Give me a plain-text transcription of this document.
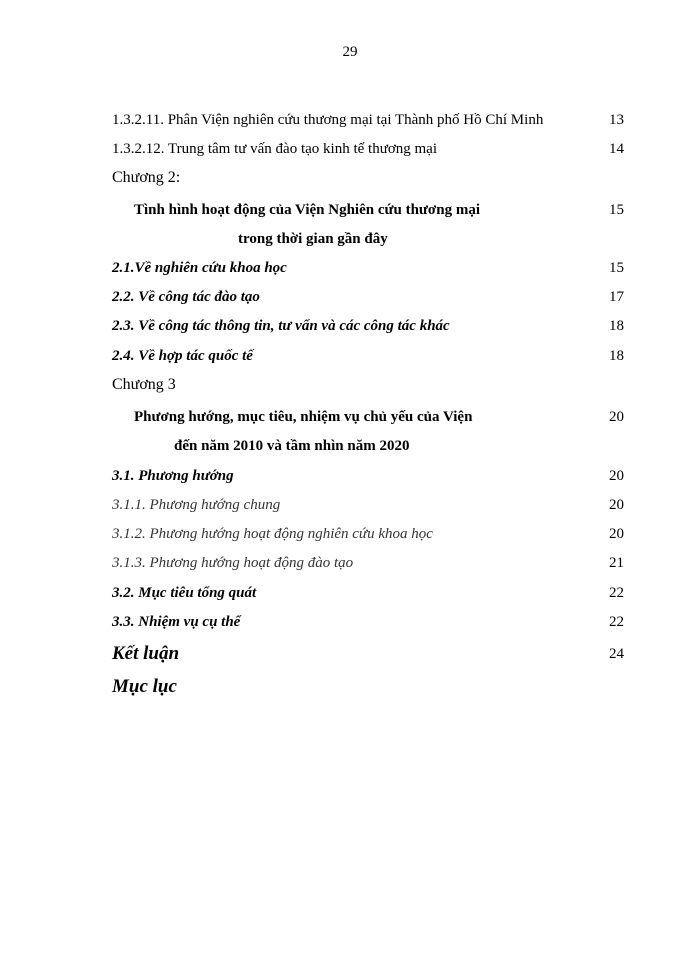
29
1.3.2.11. Phân Viện nghiên cứu thương mại tại Thành phố Hồ Chí Minh	13
1.3.2.12. Trung tâm tư vấn đào tạo kinh tế thương mại	14
Chương 2:
Tình hình hoạt động của Viện Nghiên cứu thương mại	15
trong thời gian gần đây
2.1.Về nghiên cứu khoa học	15
2.2. Về công tác đào tạo	17
2.3. Về công tác thông tin, tư vấn và các công tác khác	18
2.4. Về hợp tác quốc tế	18
Chương 3
Phương hướng, mục tiêu, nhiệm vụ chủ yếu của Viện	20
đến năm 2010 và tầm nhìn năm 2020
3.1. Phương hướng	20
3.1.1. Phương hướng chung	20
3.1.2. Phương hướng hoạt động nghiên cứu khoa học	20
3.1.3. Phương hướng hoạt động đào tạo	21
3.2. Mục tiêu tổng quát	22
3.3. Nhiệm vụ cụ thể	22
Kết luận	24
Mục lục
